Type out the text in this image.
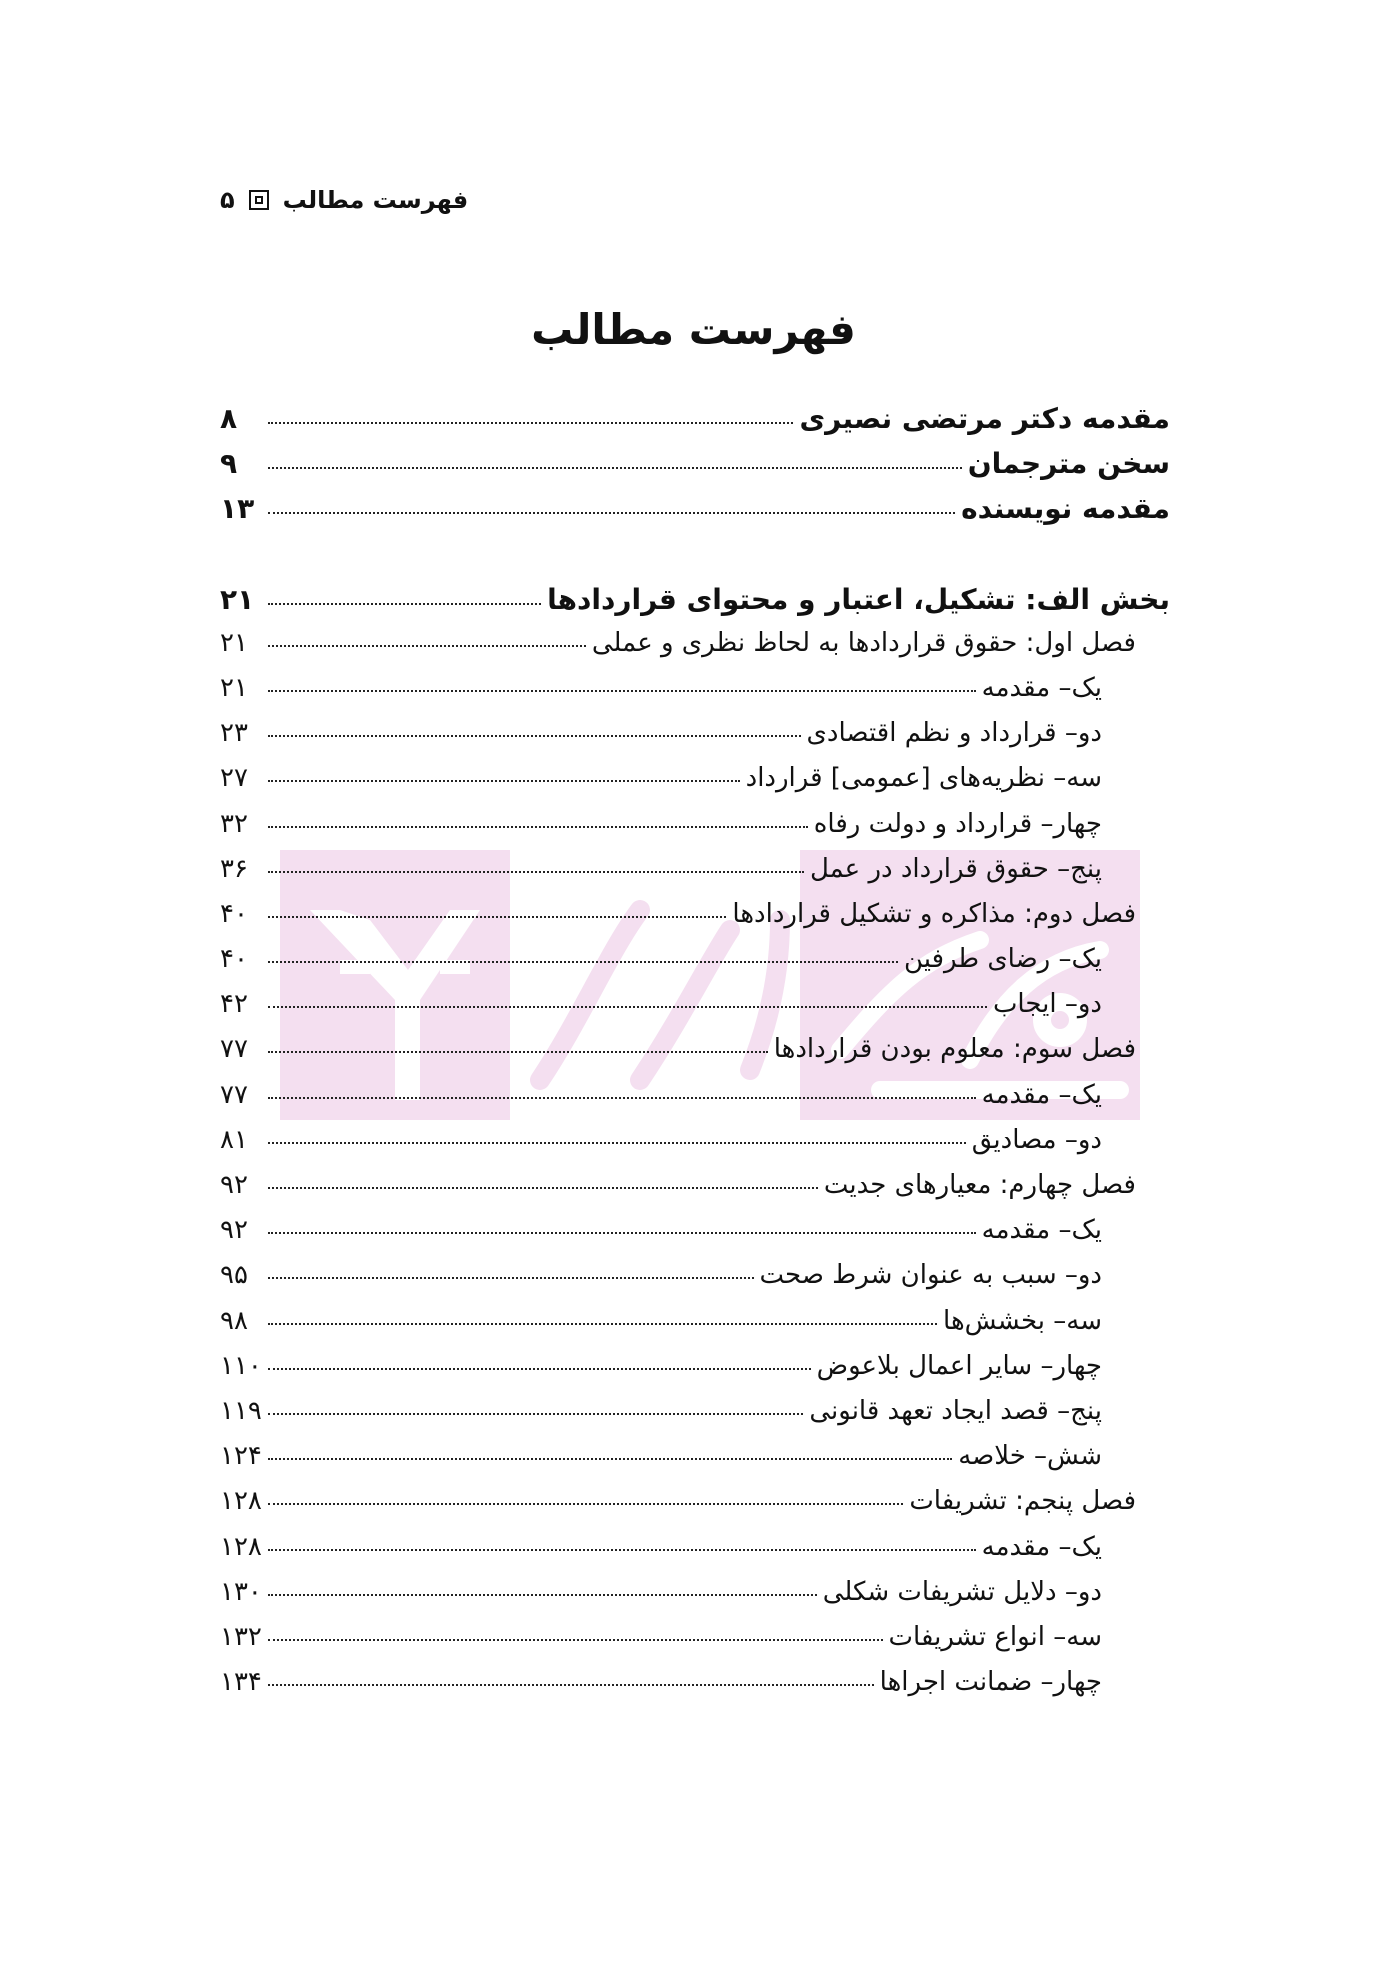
فهرست مطالب
۵
فهرست مطالب
مقدمه دکتر مرتضی نصیری
۸
سخن مترجمان
۹
مقدمه نویسنده
۱۳
بخش الف: تشکیل، اعتبار و محتوای قراردادها
۲۱
فصل اول: حقوق قراردادها به لحاظ نظری و عملی
۲۱
یک– مقدمه
۲۱
دو– قرارداد و نظم اقتصادی
۲۳
سه– نظریه‌های [عمومی] قرارداد
۲۷
چهار– قرارداد و دولت رفاه
۳۲
پنج– حقوق قرارداد در عمل
۳۶
فصل دوم: مذاکره و تشکیل قراردادها
۴۰
یک– رضای طرفین
۴۰
دو– ایجاب
۴۲
فصل سوم: معلوم بودن قراردادها
۷۷
یک– مقدمه
۷۷
دو– مصادیق
۸۱
فصل چهارم: معیارهای جدیت
۹۲
یک– مقدمه
۹۲
دو– سبب به عنوان شرط صحت
۹۵
سه– بخشش‌ها
۹۸
چهار– سایر اعمال بلاعوض
۱۱۰
پنج– قصد ایجاد تعهد قانونی
۱۱۹
شش– خلاصه
۱۲۴
فصل پنجم: تشریفات
۱۲۸
یک– مقدمه
۱۲۸
دو– دلایل تشریفات شکلی
۱۳۰
سه– انواع تشریفات
۱۳۲
چهار– ضمانت اجراها
۱۳۴
